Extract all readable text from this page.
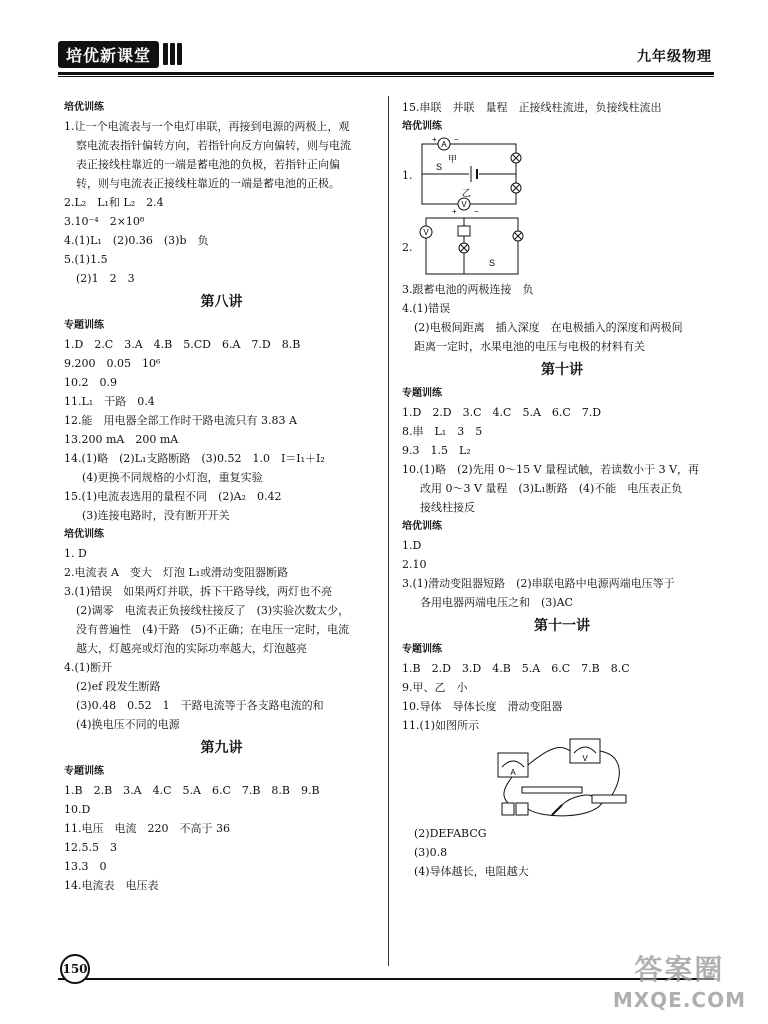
培优新课堂	九年级物理
培优训练
1.让一个电流表与一个电灯串联，再接到电源的两极上，观
察电流表指针偏转方向，若指针向反方向偏转，则与电流
表正接线柱靠近的一端是蓄电池的负极，若指针正向偏
转，则与电流表正接线柱靠近的一端是蓄电池的正极。
2.L₂　L₁和 L₂　2.4
3.10⁻⁴　2×10⁸
4.(1)L₁　(2)0.36　(3)b　负
5.(1)1.5
(2)1　2　3
第八讲
专题训练
1.D　2.C　3.A　4.B　5.CD　6.A　7.D　8.B
9.200　0.05　10⁶
10.2　0.9
11.L₁　干路　0.4
12.能　用电器全部工作时干路电流只有 3.83 A
13.200 mA　200 mA
14.(1)略　(2)L₁支路断路　(3)0.52　1.0　I＝I₁＋I₂
(4)更换不同规格的小灯泡，重复实验
15.(1)电流表选用的量程不同　(2)A₂　0.42
(3)连接电路时，没有断开开关
培优训练
1. D
2.电流表 A　变大　灯泡 L₁或滑动变阻器断路
3.(1)错误　如果两灯并联，拆下干路导线，两灯也不亮
(2)调零　电流表正负接线柱接反了　(3)实验次数太少，
没有普遍性　(4)干路　(5)不正确；在电压一定时，电流
越大，灯越亮或灯泡的实际功率越大，灯泡越亮
4.(1)断开
(2)ef 段发生断路
(3)0.48　0.52　1　干路电流等于各支路电流的和
(4)换电压不同的电源
第九讲
专题训练
1.B　2.B　3.A　4.C　5.A　6.C　7.B　8.B　9.B
10.D
11.电压　电流　220　不高于 36
12.5.5　3
13.3　0
14.电流表　电压表
15.串联　并联　量程　正接线柱流进，负接线柱流出
培优训练
1.
A
+ −
V
+ −
甲
乙
S
2.
V
S
3.跟蓄电池的两极连接　负
4.(1)错误
(2)电极间距离　插入深度　在电极插入的深度和两极间
距离一定时，水果电池的电压与电极的材料有关
第十讲
专题训练
1.D　2.D　3.C　4.C　5.A　6.C　7.D
8.串　L₁　3　5
9.3　1.5　L₂
10.(1)略　(2)先用 0～15 V 量程试触，若读数小于 3 V，再
改用 0～3 V 量程　(3)L₁断路　(4)不能　电压表正负
接线柱接反
培优训练
1.D
2.10
3.(1)滑动变阻器短路　(2)串联电路中电源两端电压等于
各用电器两端电压之和　(3)AC
第十一讲
专题训练
1.B　2.D　3.D　4.B　5.A　6.C　7.B　8.C
9.甲、乙　小
10.导体　导体长度　滑动变阻器
11.(1)如图所示
A
V
(2)DEFABCG
(3)0.8
(4)导体越长，电阻越大
150	答案圈
MXQE.COM
